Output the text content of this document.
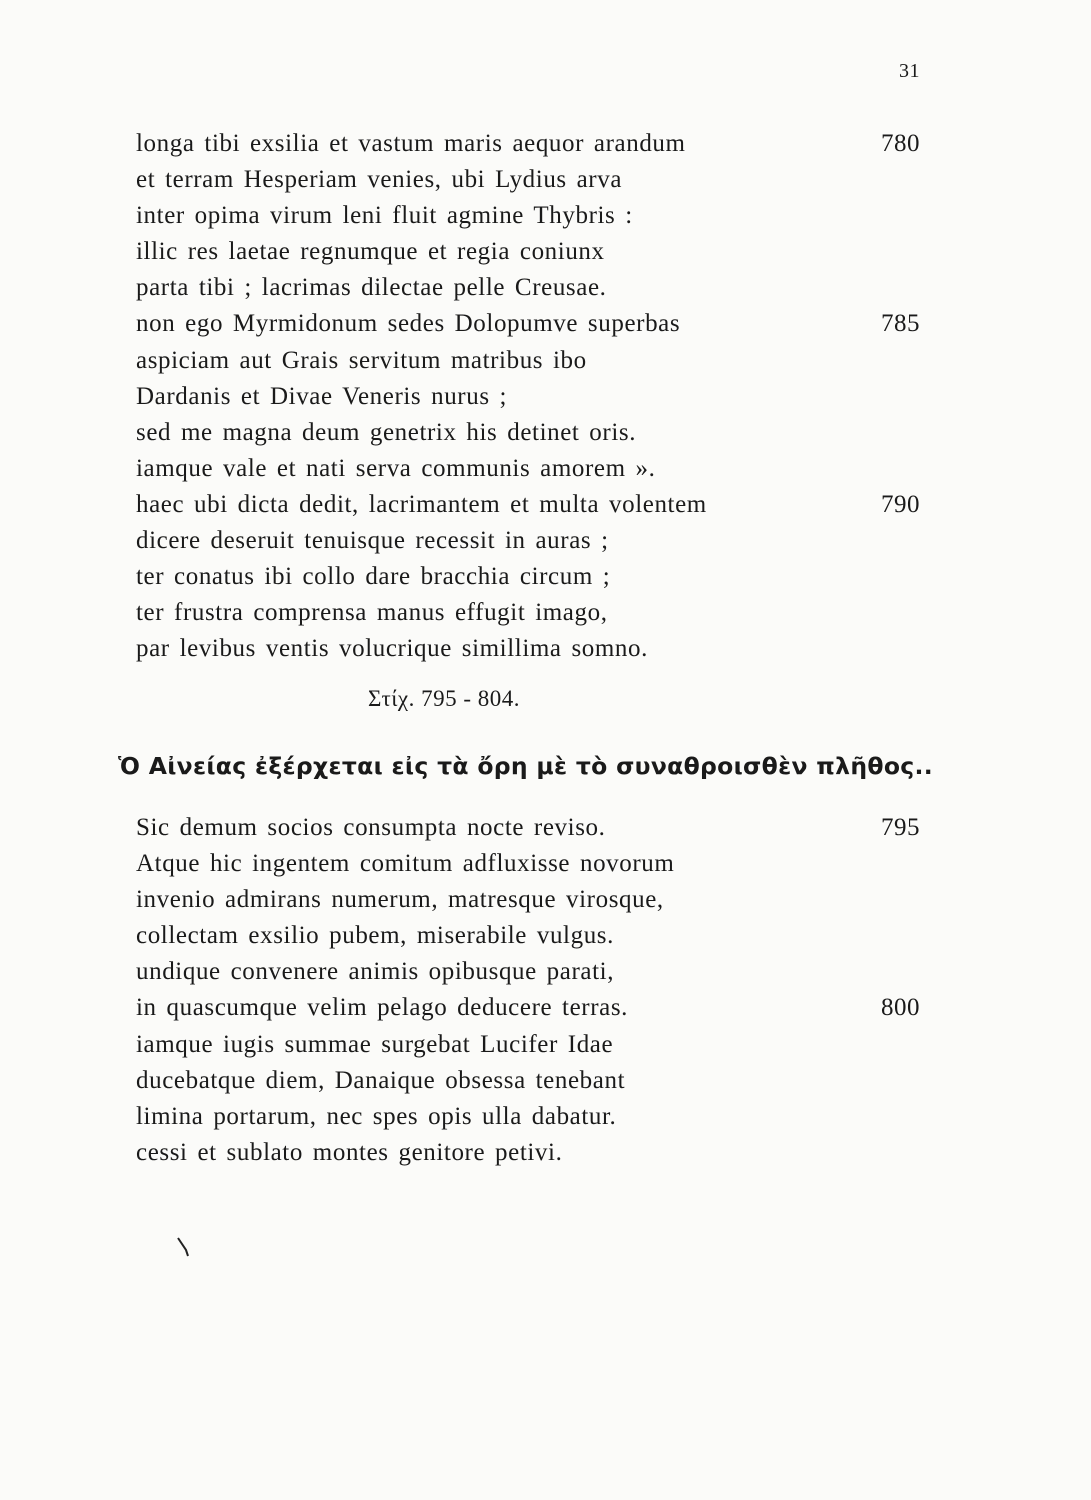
31
longa tibi exsilia et vastum maris aequor arandum	780
et terram Hesperiam venies, ubi Lydius arva
inter opima virum leni fluit agmine Thybris :
illic res laetae regnumque et regia coniunx
parta tibi ; lacrimas dilectae pelle Creusae.
non ego Myrmidonum sedes Dolopumve superbas	785
aspiciam aut Grais servitum matribus ibo
Dardanis et Divae Veneris nurus ;
sed me magna deum genetrix his detinet oris.
iamque vale et nati serva communis amorem ».
haec ubi dicta dedit, lacrimantem et multa volentem	790
dicere deseruit tenuisque recessit in auras ;
ter conatus ibi collo dare bracchia circum ;
ter frustra comprensa manus effugit imago,
par levibus ventis volucrique simillima somno.
Στίχ. 795 - 804.
Ὁ Αἰνείας ἐξέρχεται εἰς τὰ ὄρη μὲ τὸ συναθροισθὲν πλῆθος..
Sic demum socios consumpta nocte reviso.	795
Atque hic ingentem comitum adfluxisse novorum
invenio admirans numerum, matresque virosque,
collectam exsilio pubem, miserabile vulgus.
undique convenere animis opibusque parati,
in quascumque velim pelago deducere terras.	800
iamque iugis summae surgebat Lucifer Idae
ducebatque diem, Danaique obsessa tenebant
limina portarum, nec spes opis ulla dabatur.
cessi et sublato montes genitore petivi.
